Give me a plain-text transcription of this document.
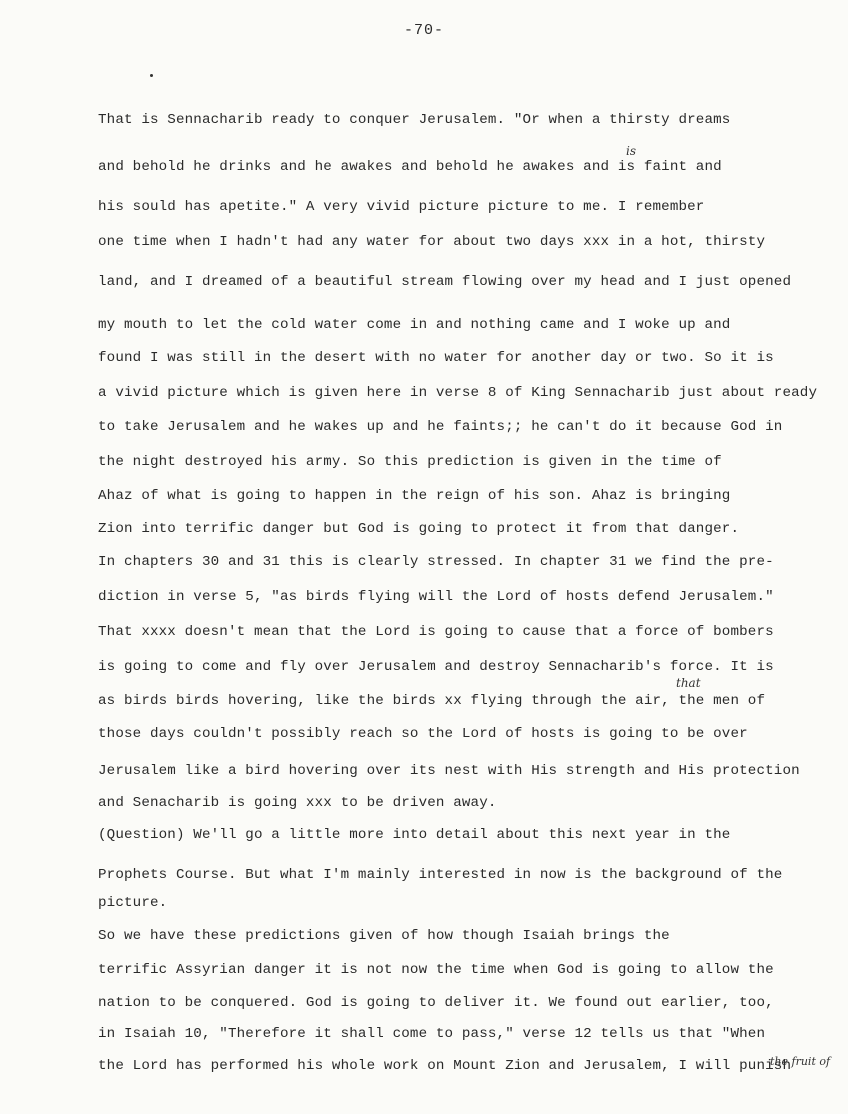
-70-
That is Sennacharib ready to conquer Jerusalem. "Or when a thirsty dreams
and behold he drinks and he awakes and behold he awakes and is faint and
his sould has apetite." A very vivid picture picture to me. I remember
one time when I hadn't had any water for about two days xxx in a hot, thirsty
land, and I dreamed of a beautiful stream flowing over my head and I just opened
my mouth to let the cold water come in and nothing came and I woke up and
found I was still in the desert with no water for another day or two. So it is
a vivid picture which is given here in verse 8 of King Sennacharib just about ready
to take Jerusalem and he wakes up and he faints;; he can't do it because God in
the night destroyed his army. So this prediction is given in the time of
Ahaz of what is going to happen in the reign of his son. Ahaz is bringing
Zion into terrific danger but God is going to protect it from that danger.
In chapters 30 and 31 this is clearly stressed. In chapter 31 we find the pre-
diction in verse 5, "as birds flying will the Lord of hosts defend Jerusalem."
That xxxx doesn't mean that the Lord is going to cause that a force of bombers
is going to come and fly over Jerusalem and destroy Sennacharib's force. It is
as birds birds hovering, like the birds xx flying through the air, the men of
those days couldn't possibly reach so the Lord of hosts is going to be over
Jerusalem like a bird hovering over its nest with His strength and His protection
and Senacharib is going xxx to be driven away.
(Question) We'll go a little more into detail about this next year in the
Prophets Course. But what I'm mainly interested in now is the background of the
picture.
So we have these predictions given of how though Isaiah brings the
terrific Assyrian danger it is not now the time when God is going to allow the
nation to be conquered. God is going to deliver it. We found out earlier, too,
in Isaiah 10, "Therefore it shall come to pass," verse 12 tells us that "When
the Lord has performed his whole work on Mount Zion and Jerusalem, I will punish
is
that
the fruit of
